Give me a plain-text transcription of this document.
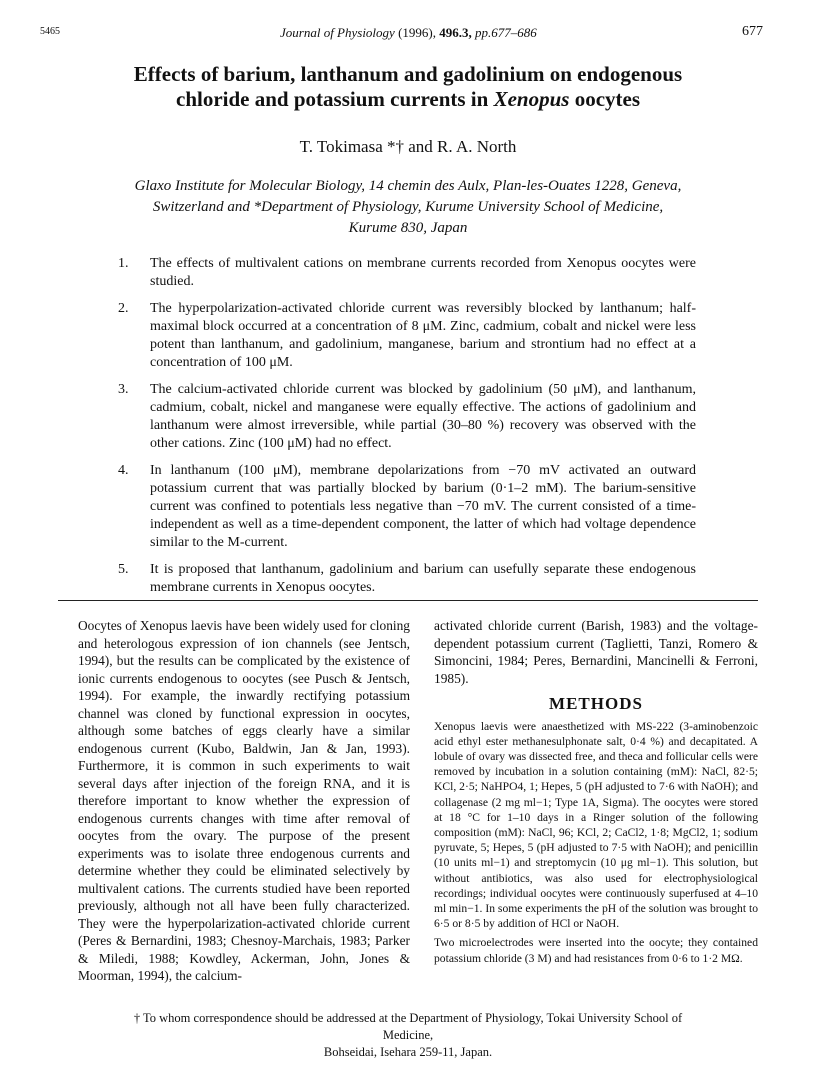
5465	Journal of Physiology (1996), 496.3, pp.677–686	677
Effects of barium, lanthanum and gadolinium on endogenous
chloride and potassium currents in Xenopus oocytes
T. Tokimasa *† and R. A. North
Glaxo Institute for Molecular Biology, 14 chemin des Aulx, Plan-les-Ouates 1228, Geneva,
Switzerland and *Department of Physiology, Kurume University School of Medicine,
Kurume 830, Japan
1. The effects of multivalent cations on membrane currents recorded from Xenopus oocytes were studied.
2. The hyperpolarization-activated chloride current was reversibly blocked by lanthanum; half-maximal block occurred at a concentration of 8 μM. Zinc, cadmium, cobalt and nickel were less potent than lanthanum, and gadolinium, manganese, barium and strontium had no effect at a concentration of 100 μM.
3. The calcium-activated chloride current was blocked by gadolinium (50 μM), and lanthanum, cadmium, cobalt, nickel and manganese were equally effective. The actions of gadolinium and lanthanum were almost irreversible, while partial (30–80 %) recovery was observed with the other cations. Zinc (100 μM) had no effect.
4. In lanthanum (100 μM), membrane depolarizations from −70 mV activated an outward potassium current that was partially blocked by barium (0·1–2 mM). The barium-sensitive current was confined to potentials less negative than −70 mV. The current consisted of a time-independent as well as a time-dependent component, the latter of which had voltage dependence similar to the M-current.
5. It is proposed that lanthanum, gadolinium and barium can usefully separate these endogenous membrane currents in Xenopus oocytes.

Oocytes of Xenopus laevis have been widely used for cloning and heterologous expression of ion channels (see Jentsch, 1994), but the results can be complicated by the existence of ionic currents endogenous to oocytes (see Pusch & Jentsch, 1994). For example, the inwardly rectifying potassium channel was cloned by functional expression in oocytes, although some batches of eggs clearly have a similar endogenous current (Kubo, Baldwin, Jan & Jan, 1993). Furthermore, it is common in such experiments to wait several days after injection of the foreign RNA, and it is therefore important to know whether the expression of endogenous currents changes with time after removal of oocytes from the ovary. The purpose of the present experiments was to isolate three endogenous currents and determine whether they could be eliminated selectively by multivalent cations. The currents studied have been reported previously, although not all have been fully characterized. They were the hyperpolarization-activated chloride current (Peres & Bernardini, 1983; Chesnoy-Marchais, 1983; Parker & Miledi, 1988; Kowdley, Ackerman, John, Jones & Moorman, 1994), the calcium-

activated chloride current (Barish, 1983) and the voltage-dependent potassium current (Taglietti, Tanzi, Romero & Simoncini, 1984; Peres, Bernardini, Mancinelli & Ferroni, 1985).

METHODS

Xenopus laevis were anaesthetized with MS-222 (3-aminobenzoic acid ethyl ester methanesulphonate salt, 0·4 %) and decapitated. A lobule of ovary was dissected free, and theca and follicular cells were removed by incubation in a solution containing (mM): NaCl, 82·5; KCl, 2·5; NaHPO4, 1; Hepes, 5 (pH adjusted to 7·6 with NaOH); and collagenase (2 mg ml−1; Type 1A, Sigma). The oocytes were stored at 18 °C for 1–10 days in a Ringer solution of the following composition (mM): NaCl, 96; KCl, 2; CaCl2, 1·8; MgCl2, 1; sodium pyruvate, 5; Hepes, 5 (pH adjusted to 7·5 with NaOH); and penicillin (10 units ml−1) and streptomycin (10 μg ml−1). This solution, but without antibiotics, was also used for electrophysiological recordings; individual oocytes were continuously superfused at 4–10 ml min−1. In some experiments the pH of the solution was brought to 6·5 or 8·5 by addition of HCl or NaOH.

Two microelectrodes were inserted into the oocyte; they contained potassium chloride (3 M) and had resistances from 0·6 to 1·2 MΩ.

† To whom correspondence should be addressed at the Department of Physiology, Tokai University School of Medicine,
Bohseidai, Isehara 259-11, Japan.
